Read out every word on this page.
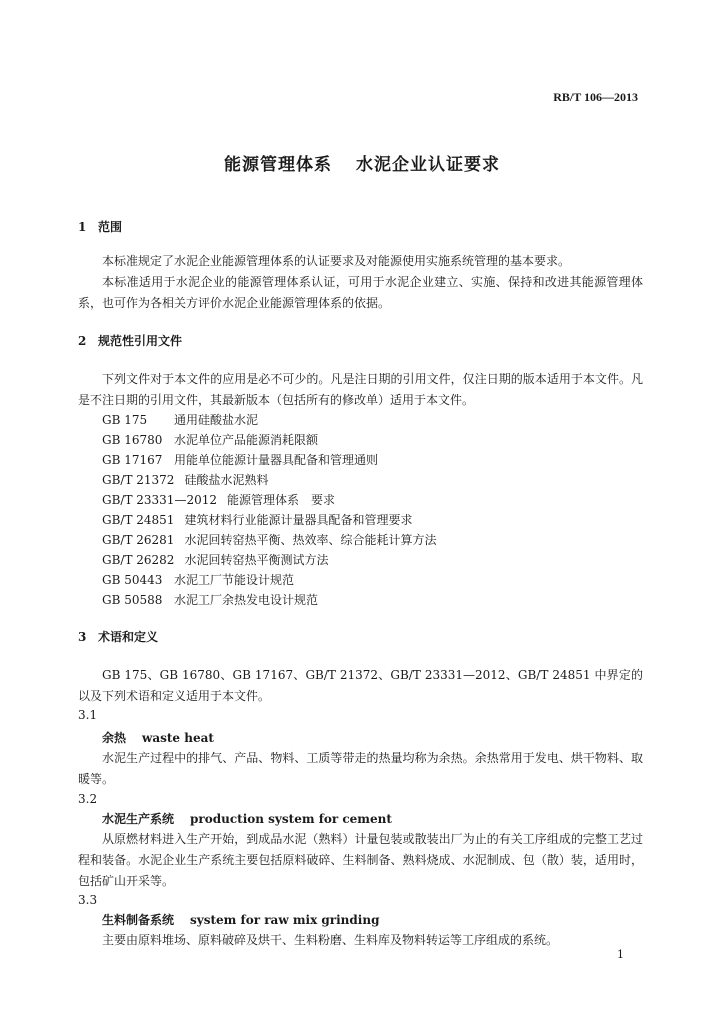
RB/T 106—2013
能源管理体系 水泥企业认证要求
1 范围
本标准规定了水泥企业能源管理体系的认证要求及对能源使用实施系统管理的基本要求。
本标准适用于水泥企业的能源管理体系认证，可用于水泥企业建立、实施、保持和改进其能源管理体系，也可作为各相关方评价水泥企业能源管理体系的依据。
2 规范性引用文件
下列文件对于本文件的应用是必不可少的。凡是注日期的引用文件，仅注日期的版本适用于本文件。凡是不注日期的引用文件，其最新版本（包括所有的修改单）适用于本文件。
GB 175 通用硅酸盐水泥
GB 16780 水泥单位产品能源消耗限额
GB 17167 用能单位能源计量器具配备和管理通则
GB/T 21372 硅酸盐水泥熟料
GB/T 23331—2012 能源管理体系　要求
GB/T 24851 建筑材料行业能源计量器具配备和管理要求
GB/T 26281 水泥回转窑热平衡、热效率、综合能耗计算方法
GB/T 26282 水泥回转窑热平衡测试方法
GB 50443 水泥工厂节能设计规范
GB 50588 水泥工厂余热发电设计规范
3 术语和定义
GB 175、GB 16780、GB 17167、GB/T 21372、GB/T 23331—2012、GB/T 24851 中界定的以及下列术语和定义适用于本文件。
3.1
余热 waste heat
水泥生产过程中的排气、产品、物料、工质等带走的热量均称为余热。余热常用于发电、烘干物料、取暖等。
3.2
水泥生产系统 production system for cement
从原燃材料进入生产开始，到成品水泥（熟料）计量包装或散装出厂为止的有关工序组成的完整工艺过程和装备。水泥企业生产系统主要包括原料破碎、生料制备、熟料烧成、水泥制成、包（散）装，适用时，包括矿山开采等。
3.3
生料制备系统 system for raw mix grinding
主要由原料堆场、原料破碎及烘干、生料粉磨、生料库及物料转运等工序组成的系统。
1
